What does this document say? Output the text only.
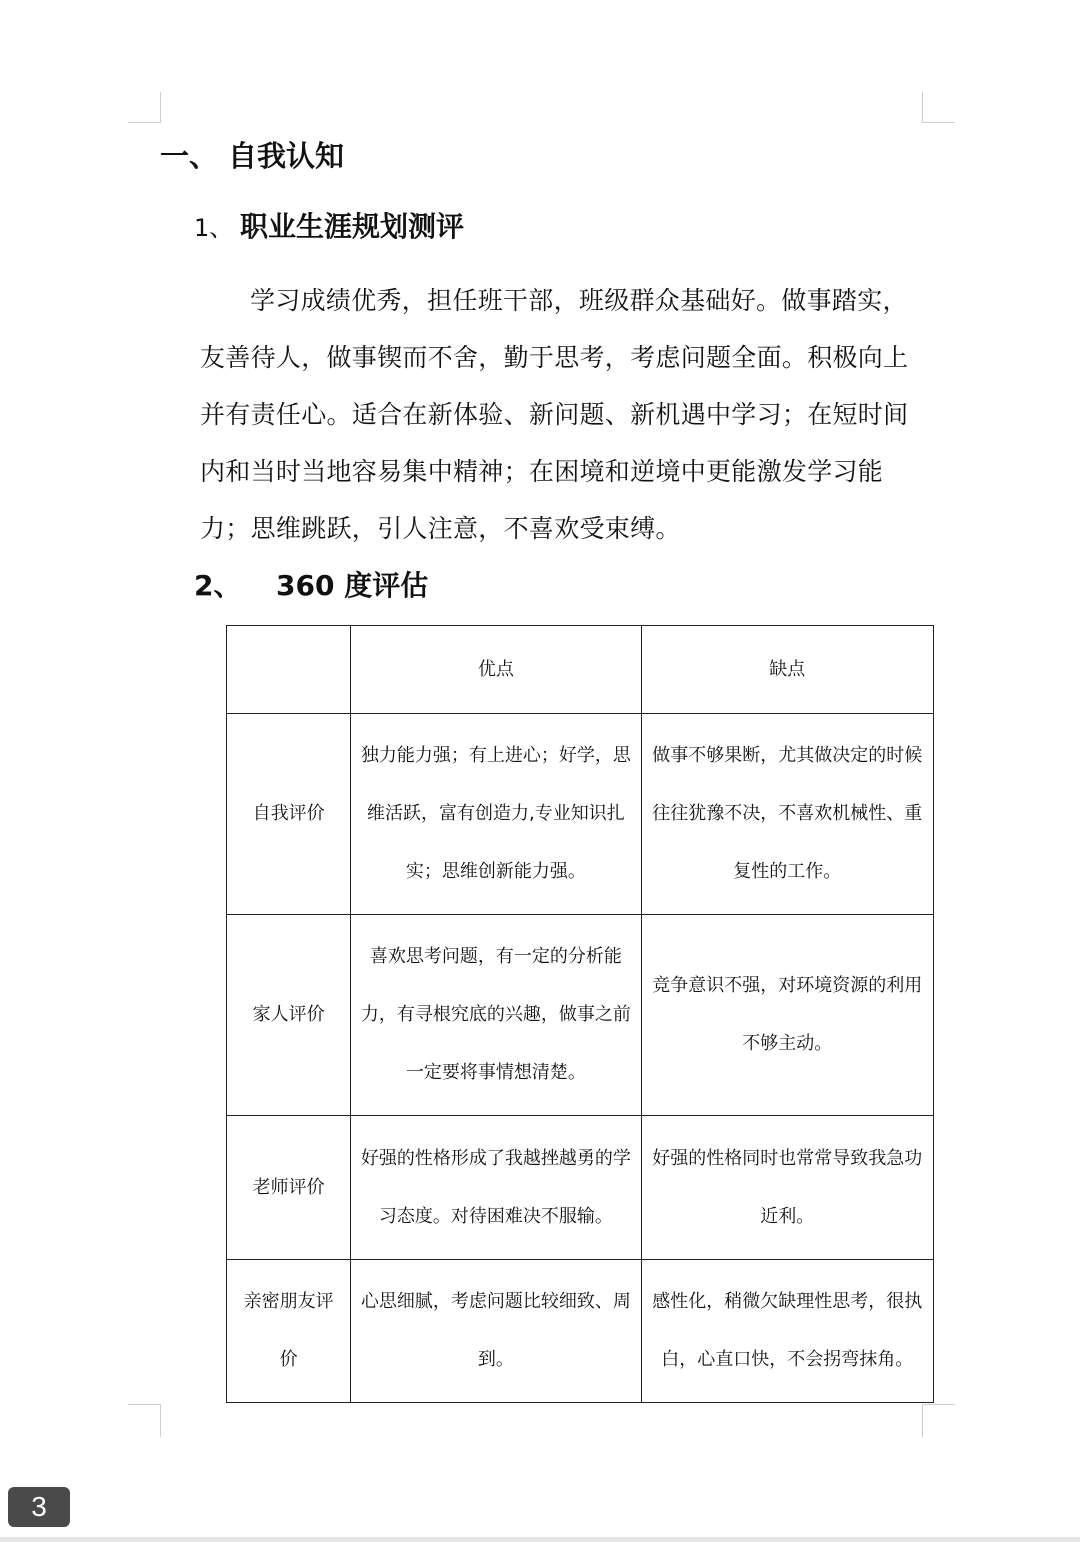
一、 自我认知
1、 职业生涯规划测评

学习成绩优秀，担任班干部，班级群众基础好。做事踏实，友善待人，做事锲而不舍，勤于思考，考虑问题全面。积极向上并有责任心。适合在新体验、新问题、新机遇中学习；在短时间内和当时当地容易集中精神；在困境和逆境中更能激发学习能力；思维跳跃，引人注意，不喜欢受束缚。

2、 360 度评估
	优点	缺点
自我评价	独力能力强；有上进心；好学，思维活跃，富有创造力,专业知识扎实；思维创新能力强。	做事不够果断，尤其做决定的时候往往犹豫不决，不喜欢机械性、重复性的工作。
家人评价	喜欢思考问题，有一定的分析能力，有寻根究底的兴趣，做事之前一定要将事情想清楚。	竞争意识不强，对环境资源的利用不够主动。
老师评价	好强的性格形成了我越挫越勇的学习态度。对待困难决不服输。	好强的性格同时也常常导致我急功近利。
亲密朋友评价	心思细腻，考虑问题比较细致、周到。	感性化，稍微欠缺理性思考，很执白，心直口快，不会拐弯抹角。
3
